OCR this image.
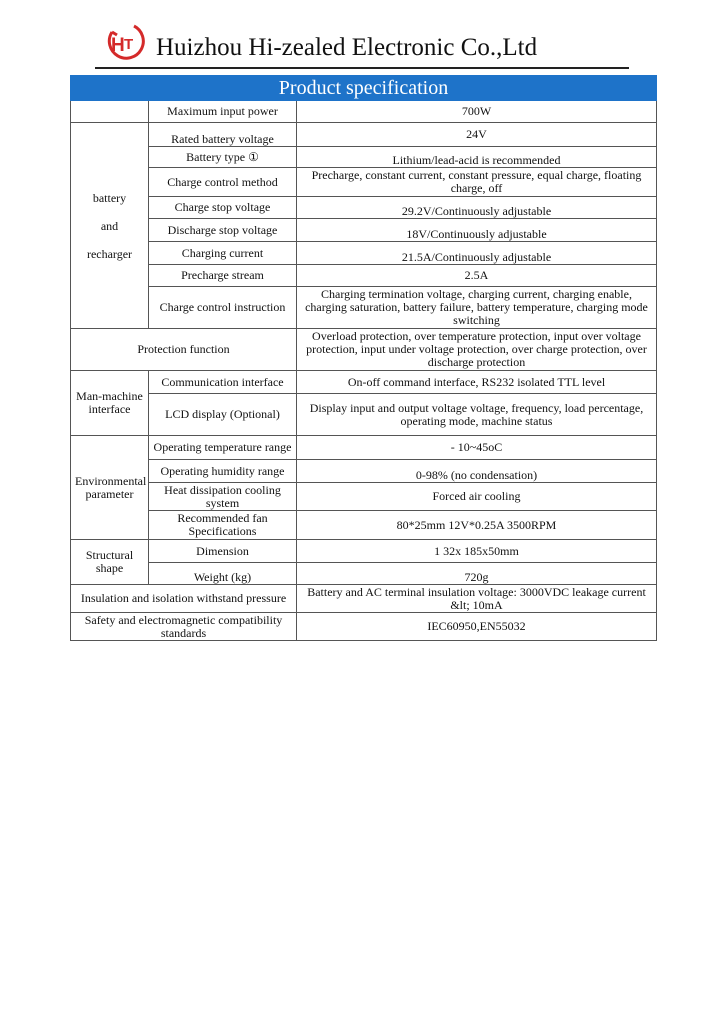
H T Huizhou Hi-zealed Electronic Co.,Ltd
Product specification		
	Maximum input power	700W

battery
and
recharger	Rated battery voltage	24V
	Battery type ①	Lithium/lead-acid is recommended
	Charge control method	Precharge, constant current, constant pressure, equal charge, floating charge, off
	Charge stop voltage	29.2V/Continuously adjustable
	Discharge stop voltage	18V/Continuously adjustable
	Charging current	21.5A/Continuously adjustable
	Precharge stream	2.5A
	Charge control instruction	Charging termination voltage, charging current, charging enable, charging saturation, battery failure, battery temperature, charging mode switching
Protection function		Overload protection, over temperature protection, input over voltage protection, input under voltage protection, over charge protection, over discharge protection
Man-machine interface	Communication interface	On-off command interface, RS232 isolated TTL level
	LCD display (Optional)	Display input and output voltage voltage, frequency, load percentage, operating mode, machine status
Environmental parameter	Operating temperature range	- 10~45oC
	Operating humidity range	0-98% (no condensation)
	Heat dissipation cooling system	Forced air cooling
	Recommended fan Specifications	80*25mm 12V*0.25A 3500RPM
Structural shape	Dimension	1 32x 185x50mm
	Weight (kg)	720g
Insulation and isolation withstand pressure		Battery and AC terminal insulation voltage: 3000VDC leakage current &lt; 10mA
Safety and electromagnetic compatibility standards		IEC60950,EN55032
